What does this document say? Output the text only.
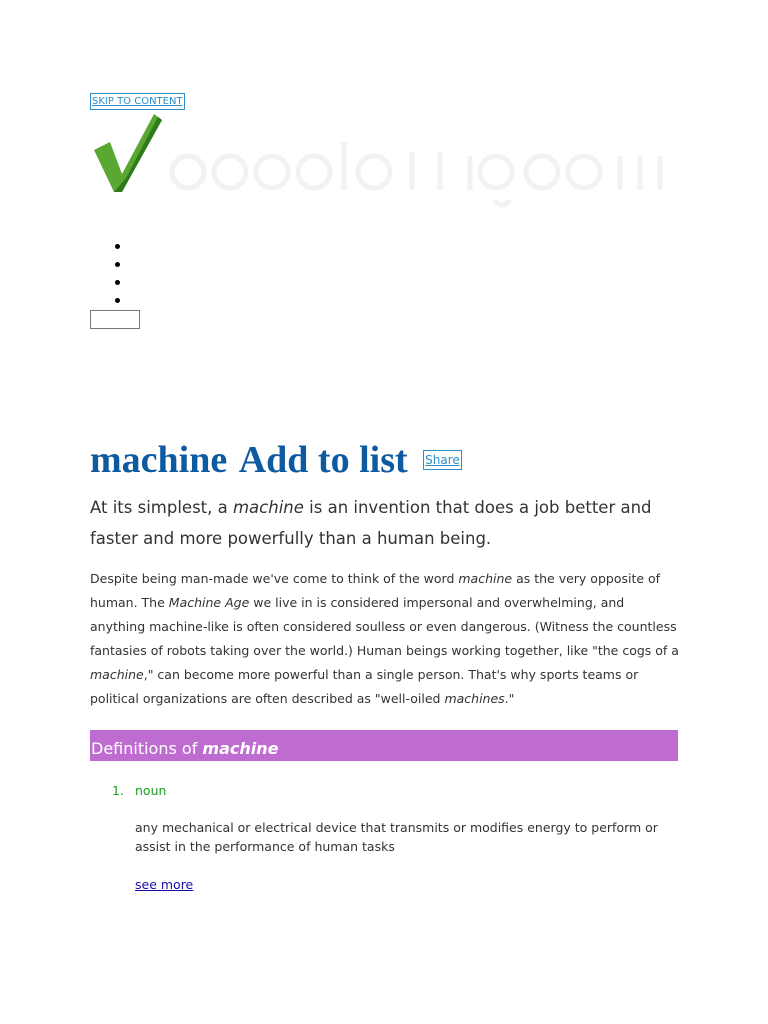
SKIP TO CONTENT
machine Add to list Share

At its simplest, a machine is an invention that does a job better and faster and more powerfully than a human being.

Despite being man-made we've come to think of the word machine as the very opposite of human. The Machine Age we live in is considered impersonal and overwhelming, and anything machine-like is often considered soulless or even dangerous. (Witness the countless fantasies of robots taking over the world.) Human beings working together, like "the cogs of a machine," can become more powerful than a single person. That's why sports teams or political organizations are often described as "well-oiled machines."

Definitions of machine
1. noun
any mechanical or electrical device that transmits or modifies energy to perform or assist in the performance of human tasks
see more
